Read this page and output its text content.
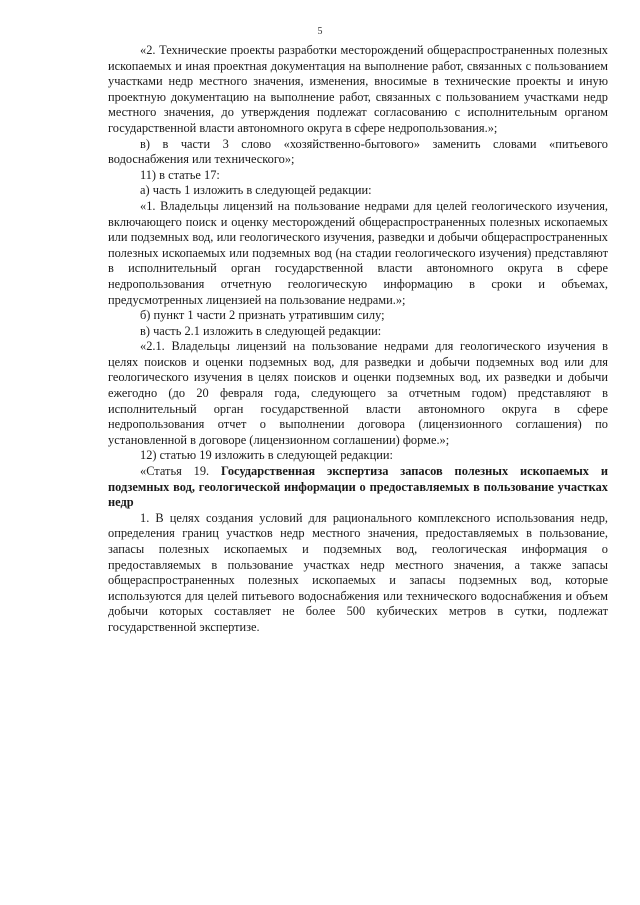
5

«2. Технические проекты разработки месторождений общераспространенных полезных ископаемых и иная проектная документация на выполнение работ, связанных с пользованием участками недр местного значения, изменения, вносимые в технические проекты и иную проектную документацию на выполнение работ, связанных с пользованием участками недр местного значения, до утверждения подлежат согласованию с исполнительным органом государственной власти автономного округа в сфере недропользования.»;

в) в части 3 слово «хозяйственно-бытового» заменить словами «питьевого водоснабжения или технического»;

11) в статье 17:

а) часть 1 изложить в следующей редакции:

«1. Владельцы лицензий на пользование недрами для целей геологического изучения, включающего поиск и оценку месторождений общераспространенных полезных ископаемых или подземных вод, или геологического изучения, разведки и добычи общераспространенных полезных ископаемых или подземных вод (на стадии геологического изучения) представляют в исполнительный орган государственной власти автономного округа в сфере недропользования отчетную геологическую информацию в сроки и объемах, предусмотренных лицензией на пользование недрами.»;

б) пункт 1 части 2 признать утратившим силу;

в) часть 2.1 изложить в следующей редакции:

«2.1. Владельцы лицензий на пользование недрами для геологического изучения в целях поисков и оценки подземных вод, для разведки и добычи подземных вод или для геологического изучения в целях поисков и оценки подземных вод, их разведки и добычи ежегодно (до 20 февраля года, следующего за отчетным годом) представляют в исполнительный орган государственной власти автономного округа в сфере недропользования отчет о выполнении договора (лицензионного соглашения) по установленной в договоре (лицензионном соглашении) форме.»;

12) статью 19 изложить в следующей редакции:

«Статья 19. Государственная экспертиза запасов полезных ископаемых и подземных вод, геологической информации о предоставляемых в пользование участках недр

1. В целях создания условий для рационального комплексного использования недр, определения границ участков недр местного значения, предоставляемых в пользование, запасы полезных ископаемых и подземных вод, геологическая информация о предоставляемых в пользование участках недр местного значения, а также запасы общераспространенных полезных ископаемых и запасы подземных вод, которые используются для целей питьевого водоснабжения или технического водоснабжения и объем добычи которых составляет не более 500 кубических метров в сутки, подлежат государственной экспертизе.
